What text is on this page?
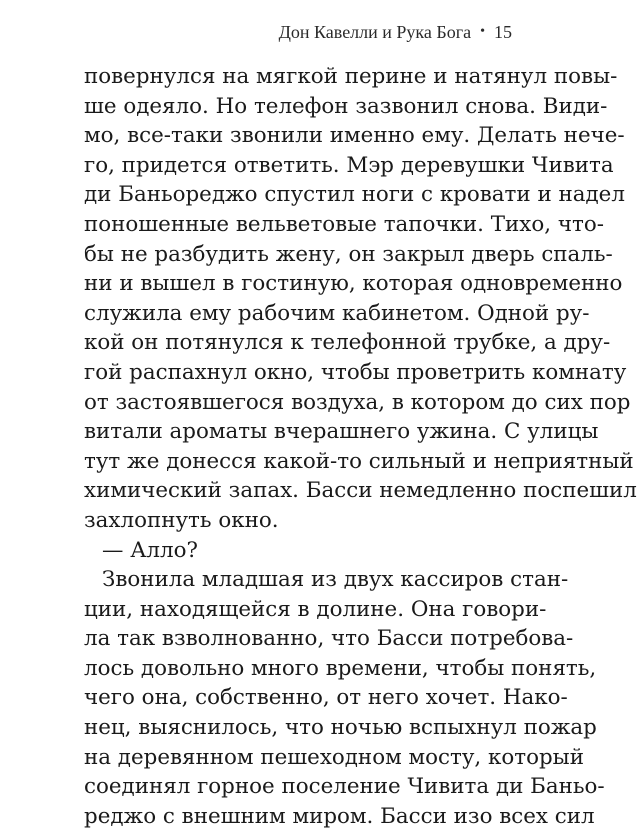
Дон Кавелли и Рука Бога • 15
повернулся на мягкой перине и натянул повы-
ше одеяло. Но телефон зазвонил снова. Види-
мо, все-таки звонили именно ему. Делать нече-
го, придется ответить. Мэр деревушки Чивита
ди Баньореджо спустил ноги с кровати и надел
поношенные вельветовые тапочки. Тихо, что-
бы не разбудить жену, он закрыл дверь спаль-
ни и вышел в гостиную, которая одновременно
служила ему рабочим кабинетом. Одной ру-
кой он потянулся к телефонной трубке, а дру-
гой распахнул окно, чтобы проветрить комнату
от застоявшегося воздуха, в котором до сих пор
витали ароматы вчерашнего ужина. С улицы
тут же донесся какой-то сильный и неприятный
химический запах. Басси немедленно поспешил
захлопнуть окно.
— Алло?
Звонила младшая из двух кассиров стан-
ции, находящейся в долине. Она говори-
ла так взволнованно, что Басси потребова-
лось довольно много времени, чтобы понять,
чего она, собственно, от него хочет. Нако-
нец, выяснилось, что ночью вспыхнул пожар
на деревянном пешеходном мосту, который
соединял горное поселение Чивита ди Баньо-
реджо с внешним миром. Басси изо всех сил
